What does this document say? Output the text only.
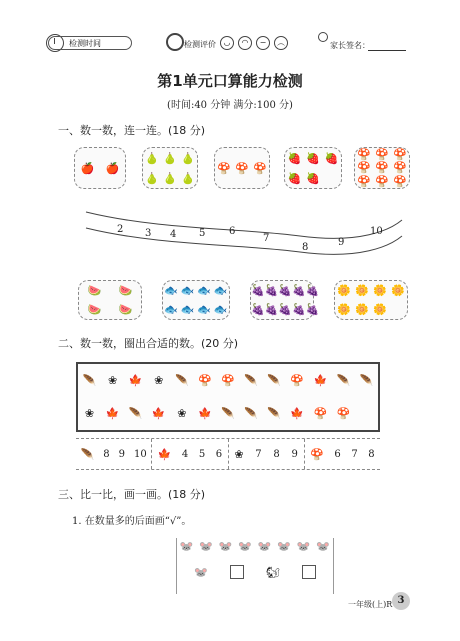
检测时间	检测评价 ◡	◠	−	︵	家长签名：
第1单元口算能力检测
(时间:40 分钟 满分:100 分)
一、数一数，连一连。(18 分)
🍎 🍎
🍐 🍐 🍐
🍐 🍐 🍐
🍄 🍄 🍄
🍓 🍓 🍓
🍓 🍓
🍄 🍄 🍄
🍄 🍄 🍄
🍄 🍄 🍄
2 3 4 5 6
7
8	9
10
🍉 🍉
🍉 🍉
🐟 🐟 🐟 🐟
🐟 🐟 🐟 🐟
🍇 🍇 🍇 🍇 🍇
🍇 🍇 🍇 🍇 🍇
🌼 🌼 🌼 🌼
🌼 🌼 🌼
二、数一数，圈出合适的数。(20 分)
🪶 ❀ 🍁 ❀ 🪶 🍄 🍄 🪶 🪶 🍄 🍁 🪶 🪶
❀ 🍁 🪶 🍁 ❀ 🍁 🪶 🪶 🪶 🍁 🍄 🍄
🪶 8 9 10 🍁 4 5 6 ❀ 7 8 9 🍄 6 7 8
三、比一比，画一画。(18 分)
1. 在数量多的后面画“√”。
🐭 🐭 🐭 🐭 🐭 🐭 🐭 🐭
🐭	🐿
一年级(上)R 3
